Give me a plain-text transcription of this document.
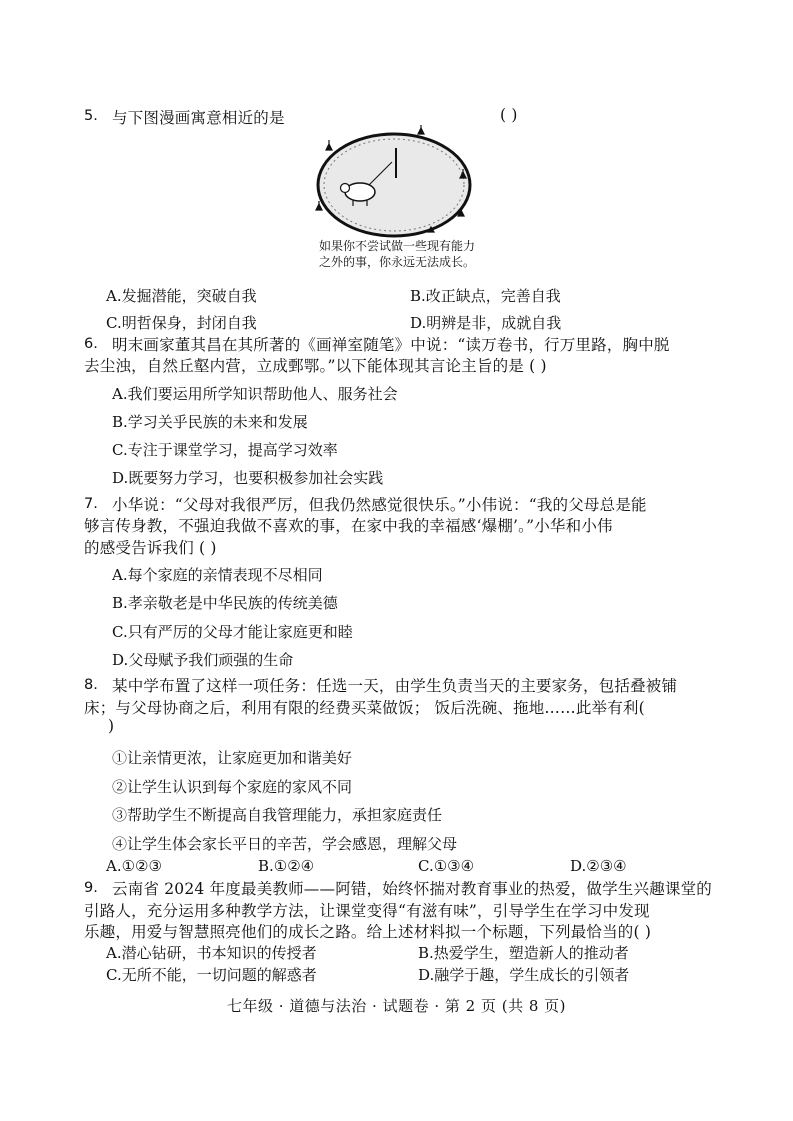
5. 与下图漫画寓意相近的是	( )
如果你不尝试做一些现有能力
之外的事，你永远无法成长。
A.发掘潜能，突破自我	B.改正缺点，完善自我
C.明哲保身，封闭自我	D.明辨是非，成就自我
6. 明末画家董其昌在其所著的《画禅室随笔》中说：“读万卷书，行万里路，胸中脱
去尘浊，自然丘壑内营，立成鄄鄂。”以下能体现其言论主旨的是 ( )
A.我们要运用所学知识帮助他人、服务社会
B.学习关乎民族的未来和发展
C.专注于课堂学习，提高学习效率
D.既要努力学习，也要积极参加社会实践
7. 小华说：“父母对我很严厉，但我仍然感觉很快乐。”小伟说：“我的父母总是能
够言传身教，不强迫我做不喜欢的事，在家中我的幸福感‘爆棚’。”小华和小伟
的感受告诉我们 ( )
A.每个家庭的亲情表现不尽相同
B.孝亲敬老是中华民族的传统美德
C.只有严厉的父母才能让家庭更和睦
D.父母赋予我们顽强的生命
8. 某中学布置了这样一项任务：任选一天，由学生负责当天的主要家务，包括叠被铺
床；与父母协商之后，利用有限的经费买菜做饭； 饭后洗碗、拖地……此举有利(
)
①让亲情更浓，让家庭更加和谐美好
②让学生认识到每个家庭的家风不同
③帮助学生不断提高自我管理能力，承担家庭责任
④让学生体会家长平日的辛苦，学会感恩，理解父母
A.①②③	B.①②④	C.①③④	D.②③④
9. 云南省 2024 年度最美教师——阿错，始终怀揣对教育事业的热爱，做学生兴趣课堂的
引路人，充分运用多种教学方法，让课堂变得“有滋有味”，引导学生在学习中发现
乐趣，用爱与智慧照亮他们的成长之路。给上述材料拟一个标题，下列最恰当的( )
A.潜心钻研，书本知识的传授者	B.热爱学生，塑造新人的推动者
C.无所不能，一切问题的解惑者	D.融学于趣，学生成长的引领者
七年级 · 道德与法治 · 试题卷 · 第 2 页 (共 8 页)
